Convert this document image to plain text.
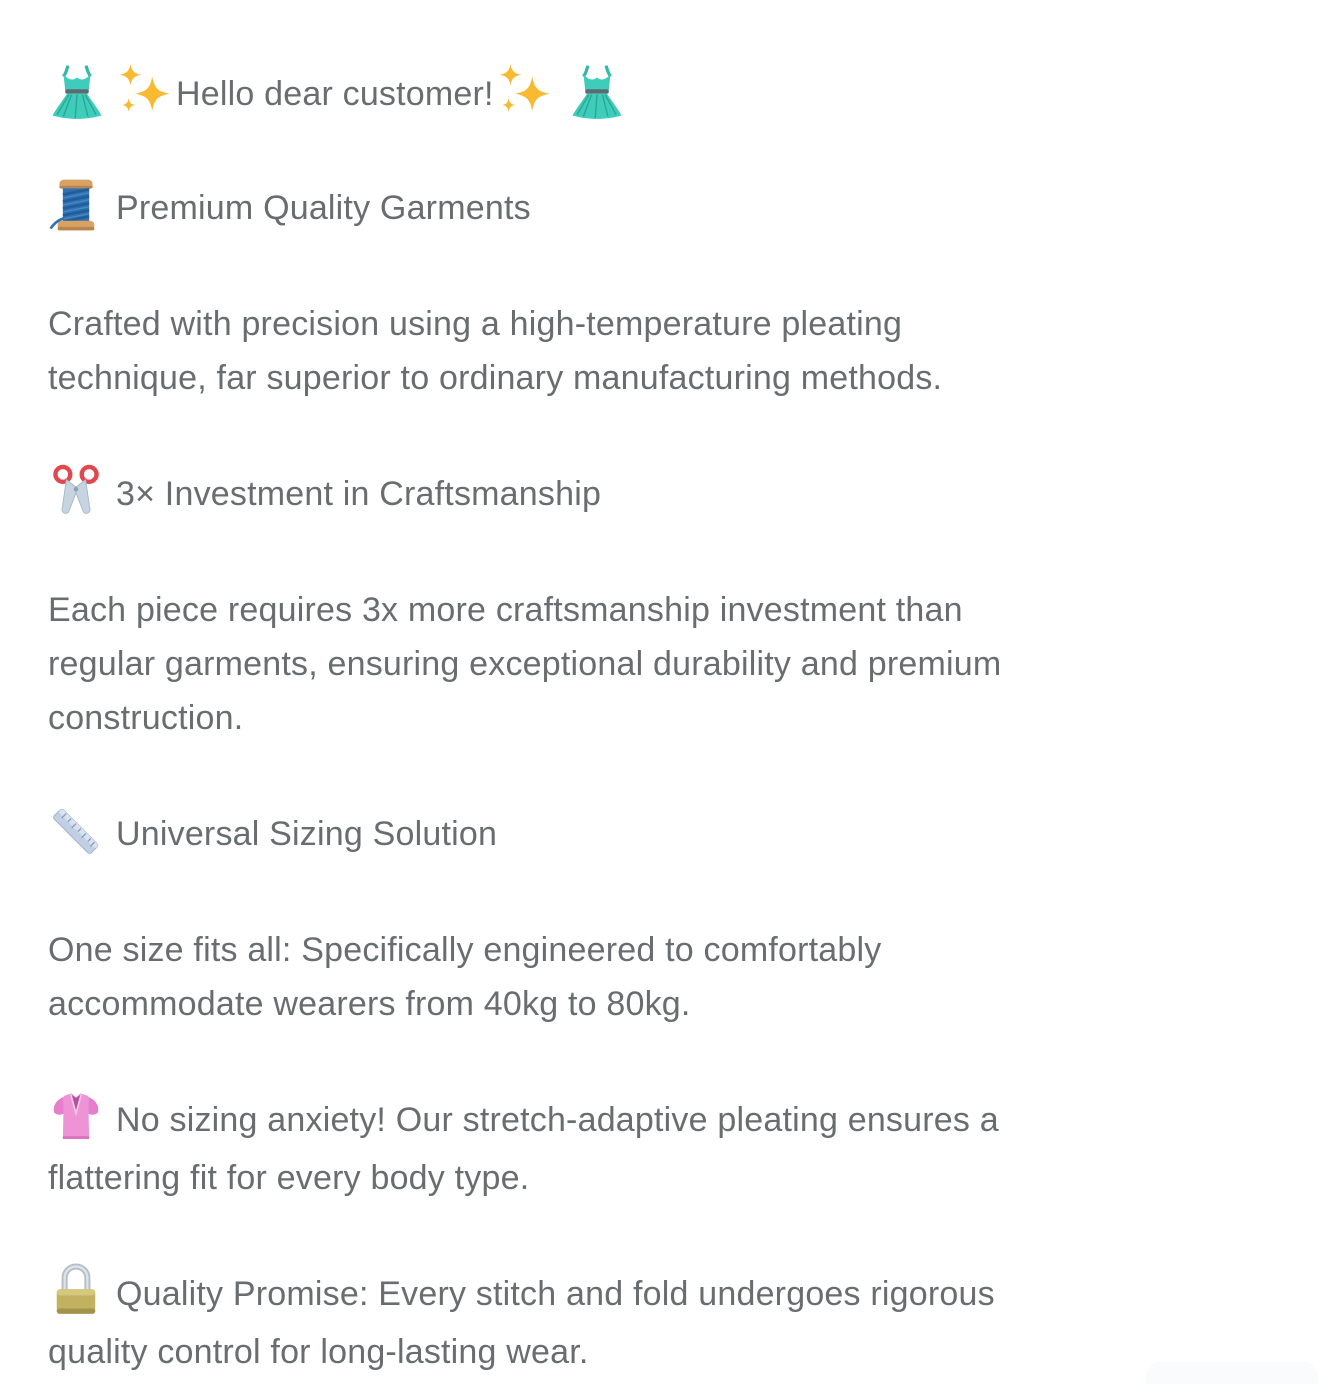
Hello dear customer!
Premium Quality Garments
Crafted with precision using a high-temperature pleating
technique, far superior to ordinary manufacturing methods.
3× Investment in Craftsmanship
Each piece requires 3x more craftsmanship investment than
regular garments, ensuring exceptional durability and premium
construction.
Universal Sizing Solution
One size fits all: Specifically engineered to comfortably
accommodate wearers from 40kg to 80kg.
No sizing anxiety! Our stretch-adaptive pleating ensures a
flattering fit for every body type.
Quality Promise: Every stitch and fold undergoes rigorous
quality control for long-lasting wear.
